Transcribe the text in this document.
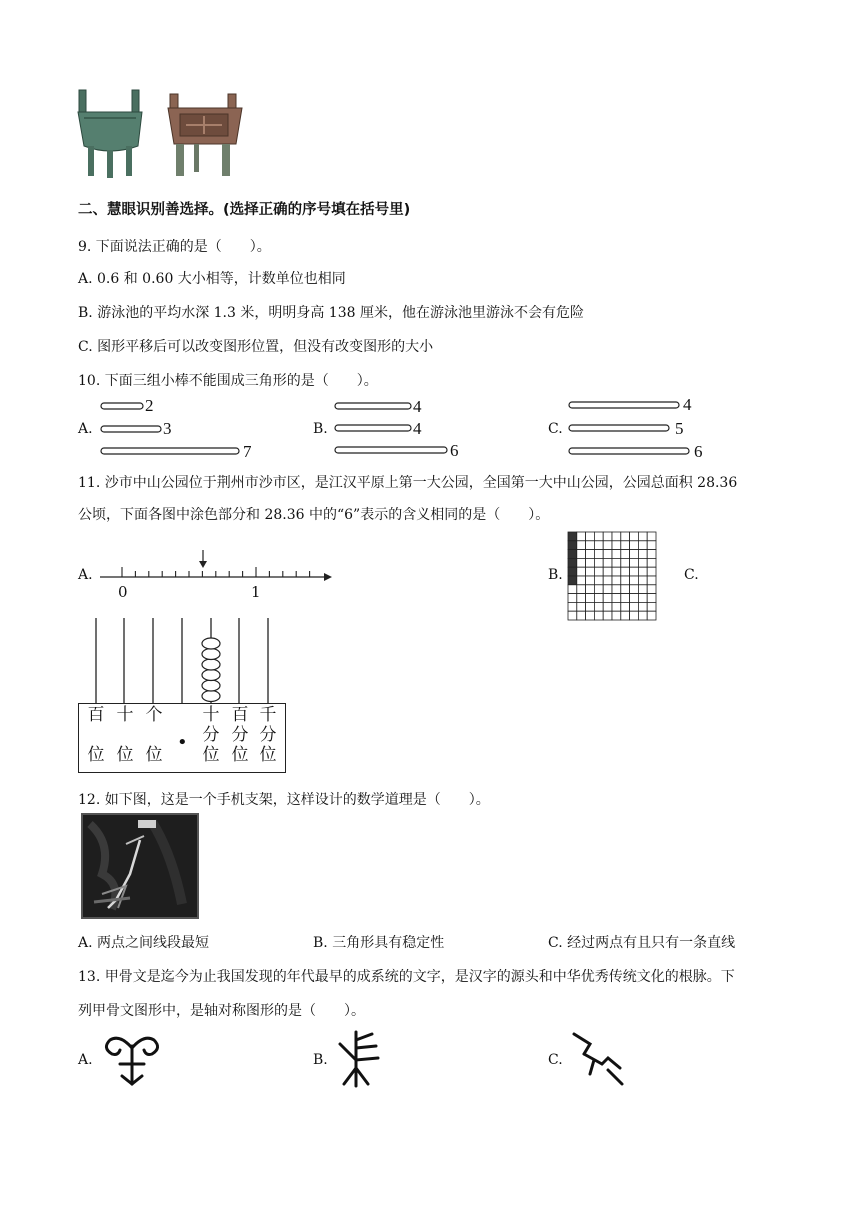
二、慧眼识别善选择。(选择正确的序号填在括号里)
9. 下面说法正确的是（　　）。
A. 0.6 和 0.60 大小相等，计数单位也相同
B. 游泳池的平均水深 1.3 米，明明身高 138 厘米，他在游泳池里游泳不会有危险
C. 图形平移后可以改变图形位置，但没有改变图形的大小
10. 下面三组小棒不能围成三角形的是（　　）。
A.
2
3
7
B.
4
4
6
C.
4
5
6
11. 沙市中山公园位于荆州市沙市区，是江汉平原上第一大公园，全国第一大中山公园，公园总面积 28.36
公顷，下面各图中涂色部分和 28.36 中的“6”表示的含义相同的是（　　）。
A.
0	1
B.	C.
百

位
十

位
个

位
十
分
位
百
分
位
千
分
位
•
12. 如下图，这是一个手机支架，这样设计的数学道理是（　　）。
A. 两点之间线段最短	B. 三角形具有稳定性	C. 经过两点有且只有一条直线
13. 甲骨文是迄今为止我国发现的年代最早的成系统的文字，是汉字的源头和中华优秀传统文化的根脉。下
列甲骨文图形中，是轴对称图形的是（　　）。
A.	B.	C.
